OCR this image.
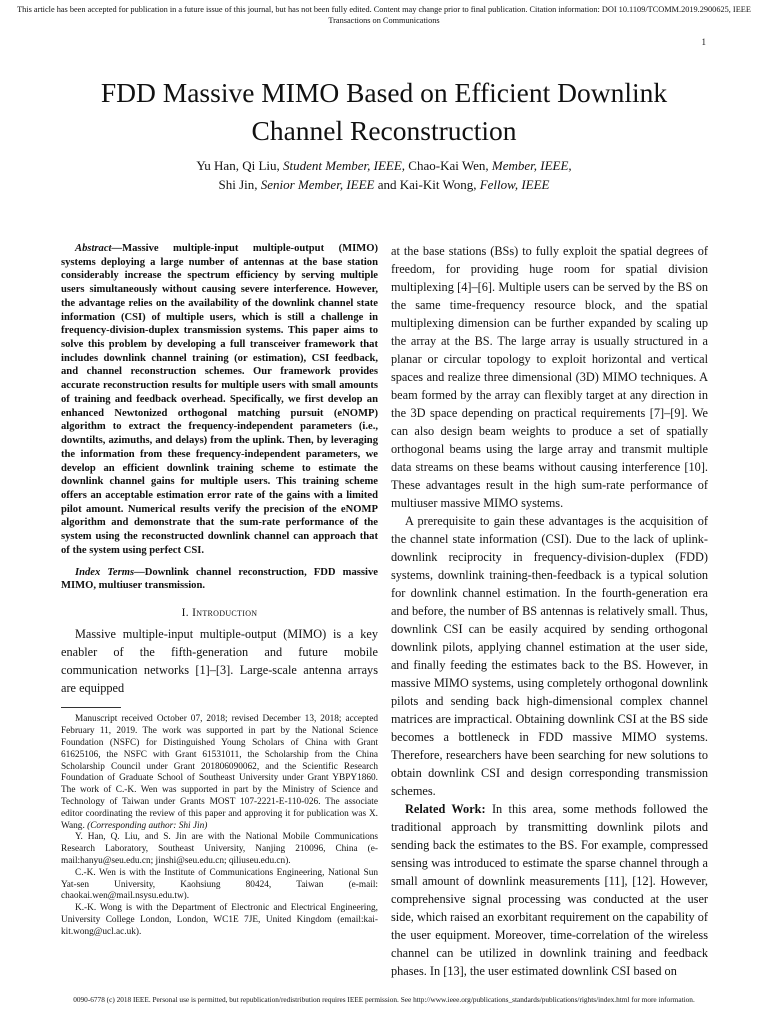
This article has been accepted for publication in a future issue of this journal, but has not been fully edited. Content may change prior to final publication. Citation information: DOI 10.1109/TCOMM.2019.2900625, IEEE
Transactions on Communications
1
FDD Massive MIMO Based on Efficient Downlink
Channel Reconstruction
Yu Han, Qi Liu, Student Member, IEEE, Chao-Kai Wen, Member, IEEE,
Shi Jin, Senior Member, IEEE and Kai-Kit Wong, Fellow, IEEE

Abstract—Massive multiple-input multiple-output (MIMO) systems deploying a large number of antennas at the base station considerably increase the spectrum efficiency by serving multiple users simultaneously without causing severe interference. However, the advantage relies on the availability of the downlink channel state information (CSI) of multiple users, which is still a challenge in frequency-division-duplex transmission systems. This paper aims to solve this problem by developing a full transceiver framework that includes downlink channel training (or estimation), CSI feedback, and channel reconstruction schemes. Our framework provides accurate reconstruction results for multiple users with small amounts of training and feedback overhead. Specifically, we first develop an enhanced Newtonized orthogonal matching pursuit (eNOMP) algorithm to extract the frequency-independent parameters (i.e., downtilts, azimuths, and delays) from the uplink. Then, by leveraging the information from these frequency-independent parameters, we develop an efficient downlink training scheme to estimate the downlink channel gains for multiple users. This training scheme offers an acceptable estimation error rate of the gains with a limited pilot amount. Numerical results verify the precision of the eNOMP algorithm and demonstrate that the sum-rate performance of the system using the reconstructed downlink channel can approach that of the system using perfect CSI.

Index Terms—Downlink channel reconstruction, FDD massive MIMO, multiuser transmission.

I. Introduction

Massive multiple-input multiple-output (MIMO) is a key enabler of the fifth-generation and future mobile communication networks [1]–[3]. Large-scale antenna arrays are equipped

Manuscript received October 07, 2018; revised December 13, 2018; accepted February 11, 2019. The work was supported in part by the National Science Foundation (NSFC) for Distinguished Young Scholars of China with Grant 61625106, the NSFC with Grant 61531011, the Scholarship from the China Scholarship Council under Grant 201806090062, and the Scientific Research Foundation of Graduate School of Southeast University under Grant YBPY1860. The work of C.-K. Wen was supported in part by the Ministry of Science and Technology of Taiwan under Grants MOST 107-2221-E-110-026. The associate editor coordinating the review of this paper and approving it for publication was X. Wang. (Corresponding author: Shi Jin)

Y. Han, Q. Liu, and S. Jin are with the National Mobile Communications Research Laboratory, Southeast University, Nanjing 210096, China (e-mail:hanyu@seu.edu.cn; jinshi@seu.edu.cn; qiliuseu.edu.cn).

C.-K. Wen is with the Institute of Communications Engineering, National Sun Yat-sen University, Kaohsiung 80424, Taiwan (e-mail: chaokai.wen@mail.nsysu.edu.tw).

K.-K. Wong is with the Department of Electronic and Electrical Engineering, University College London, London, WC1E 7JE, United Kingdom (email:kai-kit.wong@ucl.ac.uk).

at the base stations (BSs) to fully exploit the spatial degrees of freedom, for providing huge room for spatial division multiplexing [4]–[6]. Multiple users can be served by the BS on the same time-frequency resource block, and the spatial multiplexing dimension can be further expanded by scaling up the array at the BS. The large array is usually structured in a planar or circular topology to exploit horizontal and vertical spaces and realize three dimensional (3D) MIMO techniques. A beam formed by the array can flexibly target at any direction in the 3D space depending on practical requirements [7]–[9]. We can also design beam weights to produce a set of spatially orthogonal beams using the large array and transmit multiple data streams on these beams without causing interference [10]. These advantages result in the high sum-rate performance of multiuser massive MIMO systems.

A prerequisite to gain these advantages is the acquisition of the channel state information (CSI). Due to the lack of uplink-downlink reciprocity in frequency-division-duplex (FDD) systems, downlink training-then-feedback is a typical solution for downlink channel estimation. In the fourth-generation era and before, the number of BS antennas is relatively small. Thus, downlink CSI can be easily acquired by sending orthogonal downlink pilots, applying channel estimation at the user side, and finally feeding the estimates back to the BS. However, in massive MIMO systems, using completely orthogonal downlink pilots and sending back high-dimensional complex channel matrices are impractical. Obtaining downlink CSI at the BS side becomes a bottleneck in FDD massive MIMO systems. Therefore, researchers have been searching for new solutions to obtain downlink CSI and design corresponding transmission schemes.

Related Work: In this area, some methods followed the traditional approach by transmitting downlink pilots and sending back the estimates to the BS. For example, compressed sensing was introduced to estimate the sparse channel through a small amount of downlink measurements [11], [12]. However, comprehensive signal processing was conducted at the user side, which raised an exorbitant requirement on the capability of the user equipment. Moreover, time-correlation of the wireless channel can be utilized in downlink training and feedback phases. In [13], the user estimated downlink CSI based on

0090-6778 (c) 2018 IEEE. Personal use is permitted, but republication/redistribution requires IEEE permission. See http://www.ieee.org/publications_standards/publications/rights/index.html for more information.
